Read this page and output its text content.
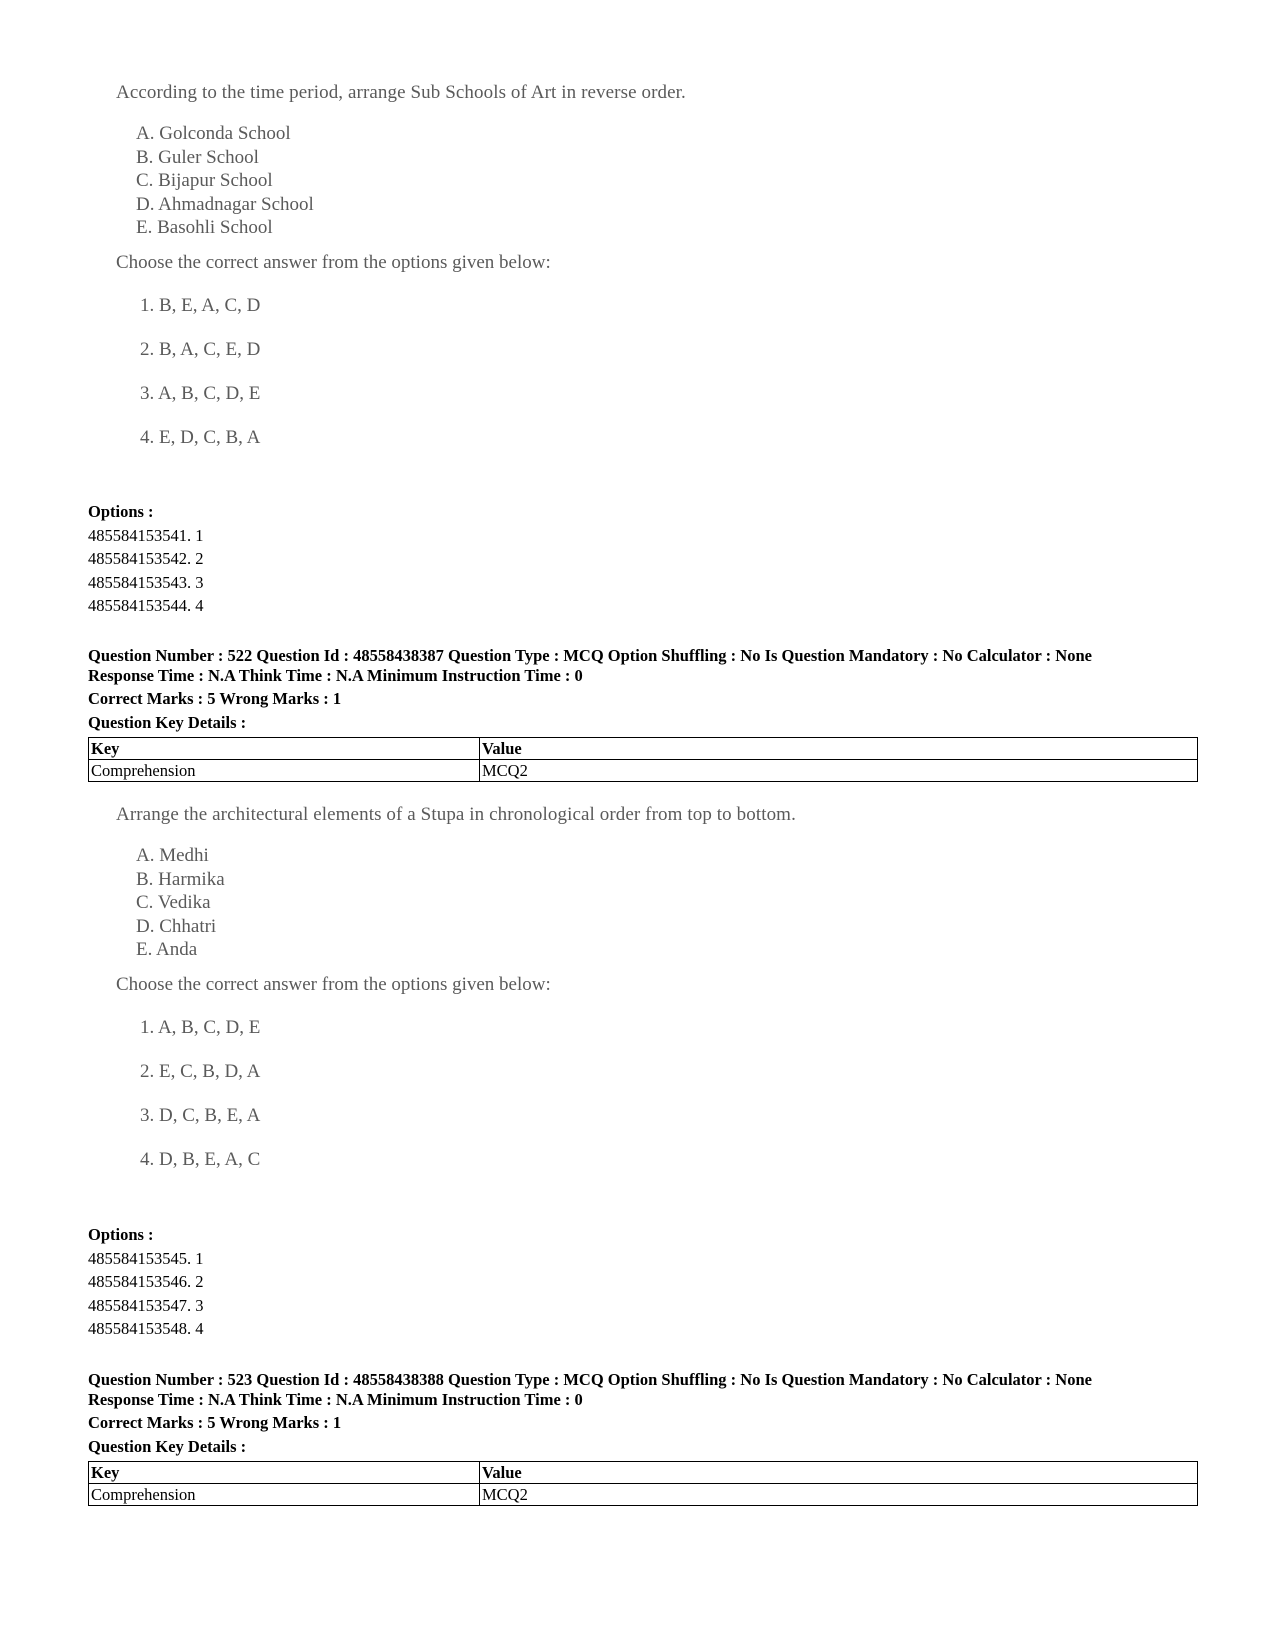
According to the time period, arrange Sub Schools of Art in reverse order.
A. Golconda School
B. Guler School
C. Bijapur School
D. Ahmadnagar School
E. Basohli School
Choose the correct answer from the options given below:
1. B, E, A, C, D
2. B, A, C, E, D
3. A, B, C, D, E
4. E, D, C, B, A
Options :
485584153541. 1
485584153542. 2
485584153543. 3
485584153544. 4
Question Number : 522 Question Id : 48558438387 Question Type : MCQ Option Shuffling : No Is Question Mandatory : No Calculator : None
Response Time : N.A Think Time : N.A Minimum Instruction Time : 0
Correct Marks : 5 Wrong Marks : 1
Question Key Details :
Key	Value
Comprehension	MCQ2
Arrange the architectural elements of a Stupa in chronological order from top to bottom.
A. Medhi
B. Harmika
C. Vedika
D. Chhatri
E. Anda
Choose the correct answer from the options given below:
1. A, B, C, D, E
2. E, C, B, D, A
3. D, C, B, E, A
4. D, B, E, A, C
Options :
485584153545. 1
485584153546. 2
485584153547. 3
485584153548. 4
Question Number : 523 Question Id : 48558438388 Question Type : MCQ Option Shuffling : No Is Question Mandatory : No Calculator : None
Response Time : N.A Think Time : N.A Minimum Instruction Time : 0
Correct Marks : 5 Wrong Marks : 1
Question Key Details :
Key	Value
Comprehension	MCQ2
